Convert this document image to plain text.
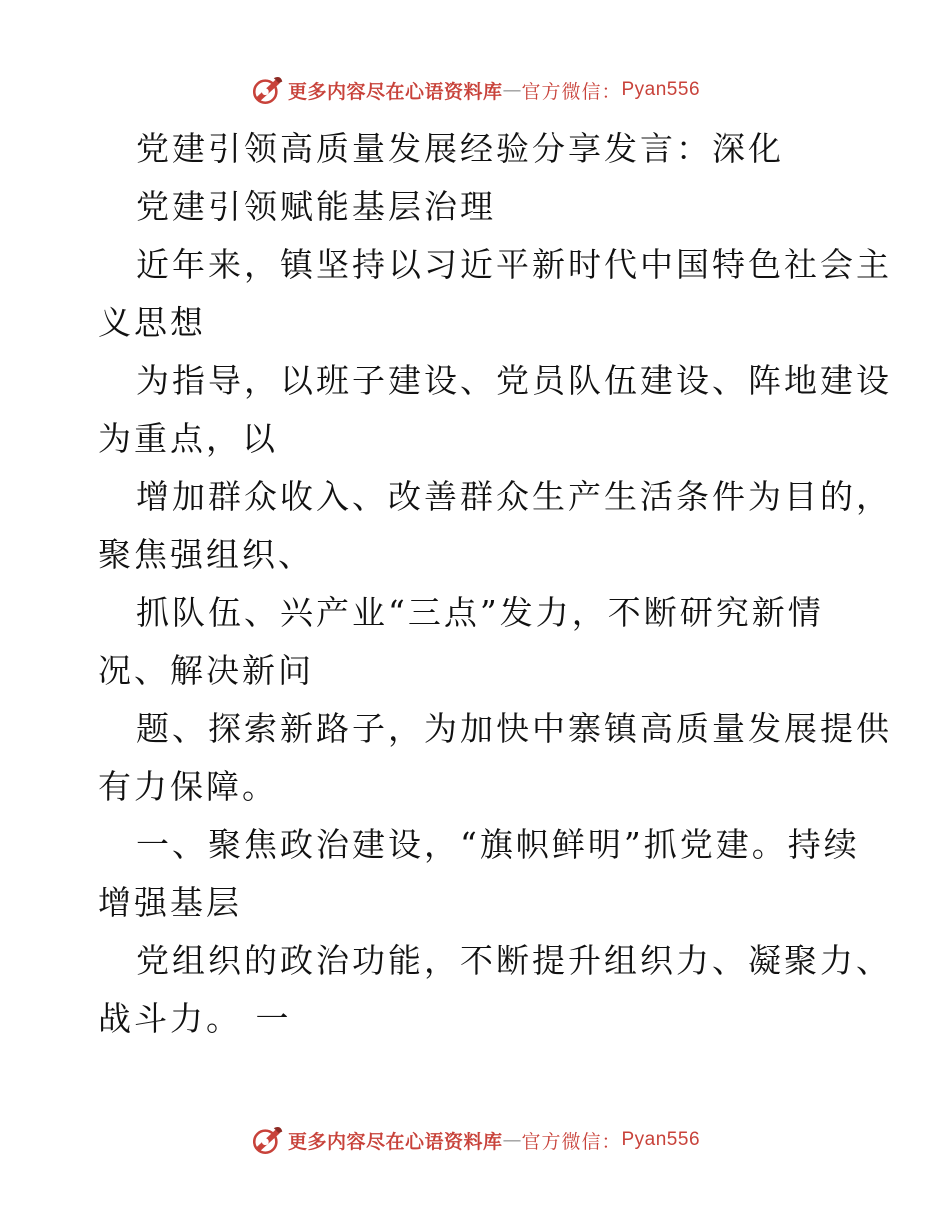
更多内容尽在心语资料库 — 官方微信： Pyan556
党建引领高质量发展经验分享发言：深化
党建引领赋能基层治理
近年来，镇坚持以习近平新时代中国特色社会主
义思想
为指导，以班子建设、党员队伍建设、阵地建设
为重点，以
增加群众收入、改善群众生产生活条件为目的，
聚焦强组织、
抓队伍、兴产业“三点”发力，不断研究新情
况、解决新问
题、探索新路子，为加快中寨镇高质量发展提供
有力保障。
一、聚焦政治建设，“旗帜鲜明”抓党建。持续
增强基层
党组织的政治功能，不断提升组织力、凝聚力、
战斗力。 一
更多内容尽在心语资料库 — 官方微信： Pyan556
